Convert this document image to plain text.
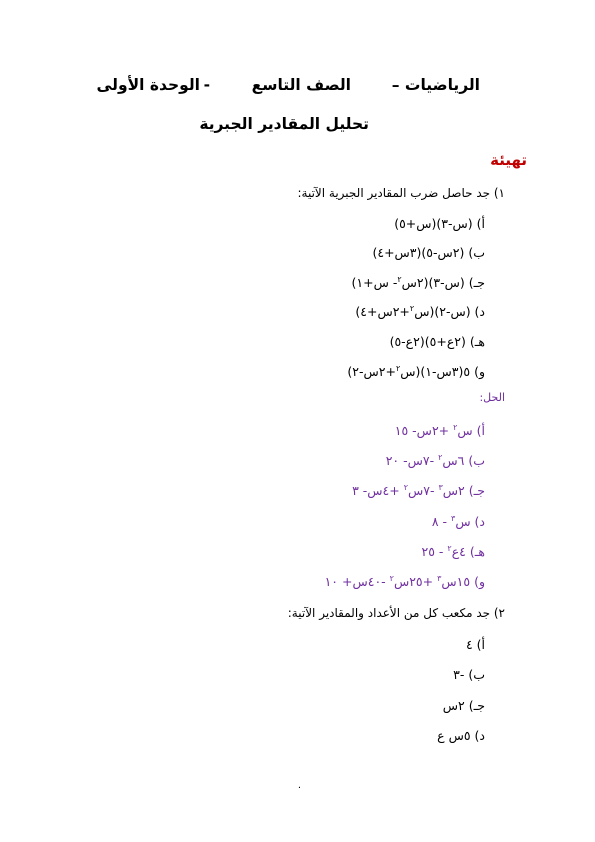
الرياضيات –
الصف التاسع
-
الوحدة الأولى
تحليل المقادير الجبرية
تهيئة
١) جد حاصل ضرب المقادير الجبرية الآتية:
أ) (س-٣)(س+٥)
ب) (٢س-٥)(٣س+٤)
جـ) (س-٣)(٢س$^٢$- س+١)
د) (س-٢)(س$^٢$+٢س+٤)
هـ) (٢ع+٥)(٢ع-٥)
و) ٥(٣س-١)(س$^٢$+٢س-٢)
الحل:
أ) س$^٢$ +٢س- ١٥
ب) ٦س$^٢$ -٧س- ٢٠
جـ) ٢س$^٣$ -٧س$^٢$ +٤س- ٣
د) س$^٣$ - ٨
هـ) ٤ع$^٢$ - ٢٥
و) ١٥س$^٣$ +٢٥س$^٢$ -٤٠س+ ١٠
٢) جد مكعب كل من الأعداد والمقادير الآتية:
أ) ٤
ب) -٣
جـ) ٢س
د) ٥س ع
.
